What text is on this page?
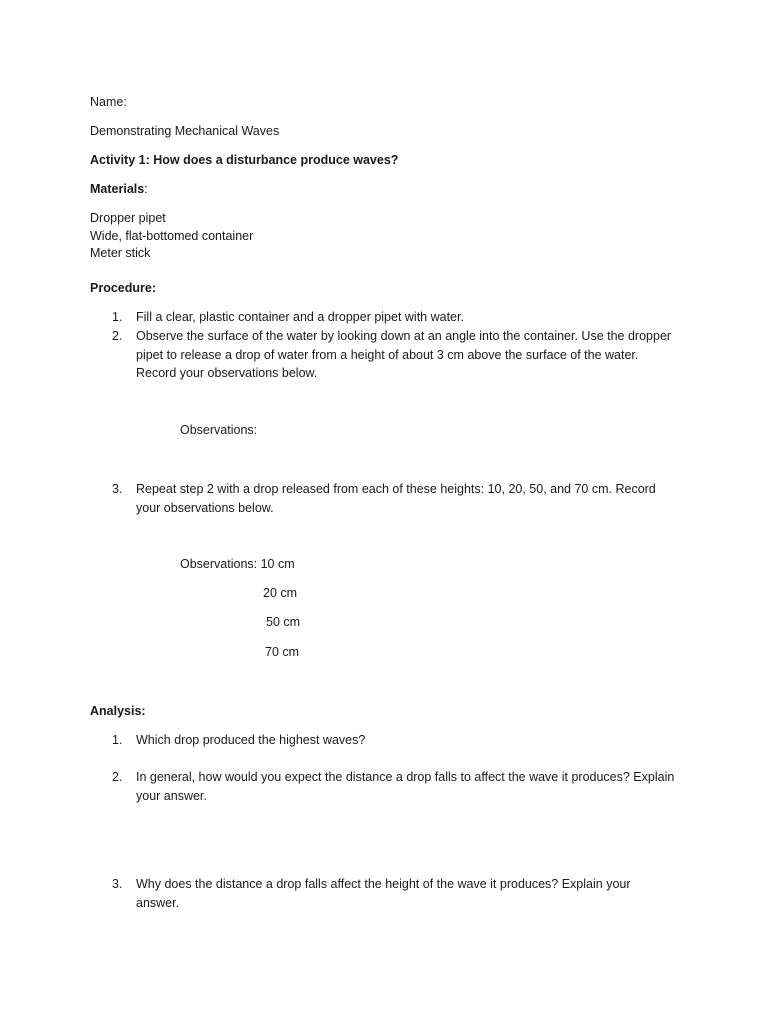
Name:
Demonstrating Mechanical Waves
Activity 1: How does a disturbance produce waves?
Materials:
Dropper pipet
Wide, flat-bottomed container
Meter stick
Procedure:
1. Fill a clear, plastic container and a dropper pipet with water.
2. Observe the surface of the water by looking down at an angle into the container. Use the dropper pipet to release a drop of water from a height of about 3 cm above the surface of the water. Record your observations below.
Observations:
3. Repeat step 2 with a drop released from each of these heights: 10, 20, 50, and 70 cm. Record your observations below.
Observations: 10 cm
20 cm
50 cm
70 cm
Analysis:
1. Which drop produced the highest waves?
2. In general, how would you expect the distance a drop falls to affect the wave it produces? Explain your answer.
3. Why does the distance a drop falls affect the height of the wave it produces? Explain your answer.
